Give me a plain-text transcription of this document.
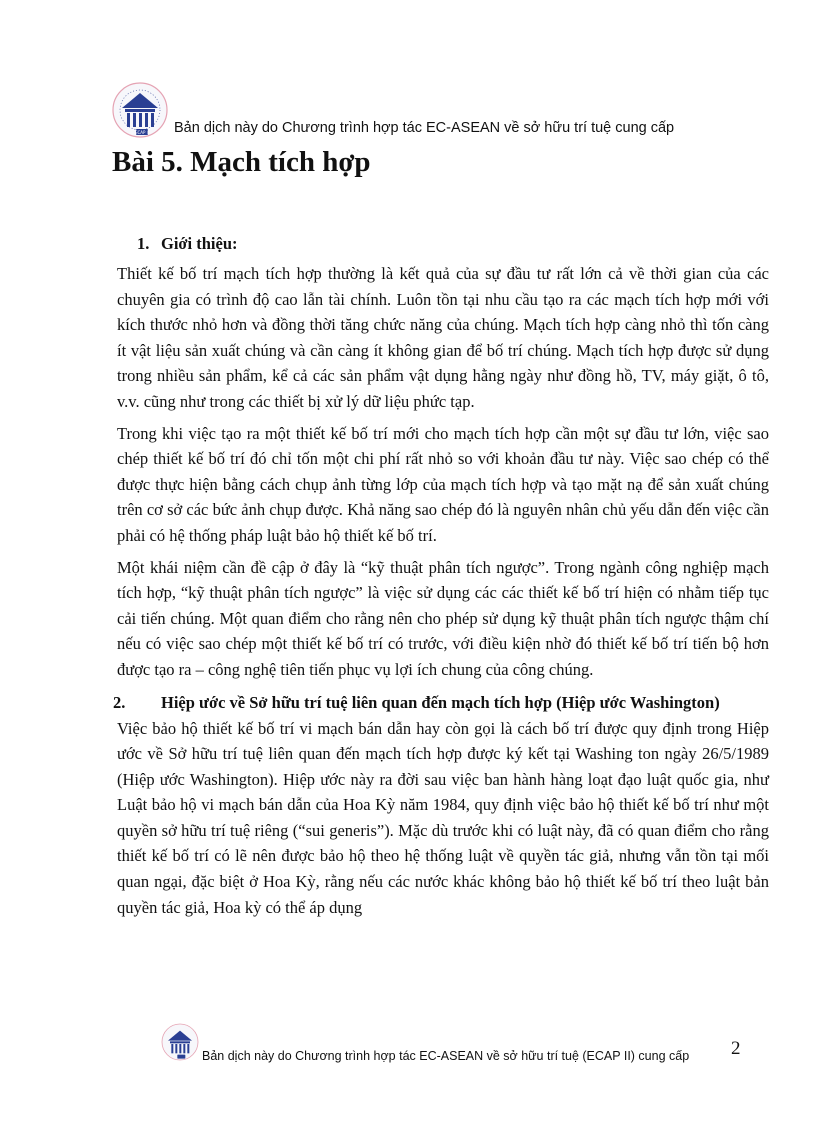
ECAP II Bản dịch này do Chương trình hợp tác EC-ASEAN về sở hữu trí tuệ cung cấp
Bài 5. Mạch tích hợp
1. Giới thiệu:

Thiết kế bố trí mạch tích hợp thường là kết quả của sự đầu tư rất lớn cả về thời gian của các chuyên gia có trình độ cao lẫn tài chính. Luôn tồn tại nhu cầu tạo ra các mạch tích hợp mới với kích thước nhỏ hơn và đồng thời tăng chức năng của chúng. Mạch tích hợp càng nhỏ thì tốn càng ít vật liệu sản xuất chúng và cần càng ít không gian để bố trí chúng. Mạch tích hợp được sử dụng trong nhiều sản phẩm, kể cả các sản phẩm vật dụng hằng ngày như đồng hồ, TV, máy giặt, ô tô, v.v. cũng như trong các thiết bị xử lý dữ liệu phức tạp.

Trong khi việc tạo ra một thiết kế bố trí mới cho mạch tích hợp cần một sự đầu tư lớn, việc sao chép thiết kế bố trí đó chỉ tốn một chi phí rất nhỏ so với khoản đầu tư này. Việc sao chép có thể được thực hiện bằng cách chụp ảnh từng lớp của mạch tích hợp và tạo mặt nạ để sản xuất chúng trên cơ sở các bức ảnh chụp được. Khả năng sao chép đó là nguyên nhân chủ yếu dẫn đến việc cần phải có hệ thống pháp luật bảo hộ thiết kế bố trí.

Một khái niệm cần đề cập ở đây là “kỹ thuật phân tích ngược”. Trong ngành công nghiệp mạch tích hợp, “kỹ thuật phân tích ngược” là việc sử dụng các các thiết kế bố trí hiện có nhằm tiếp tục cải tiến chúng. Một quan điểm cho rằng nên cho phép sử dụng kỹ thuật phân tích ngược thậm chí nếu có việc sao chép một thiết kế bố trí có trước, với điều kiện nhờ đó thiết kế bố trí tiến bộ hơn được tạo ra – công nghệ tiên tiến phục vụ lợi ích chung của công chúng.

2. Hiệp ước về Sở hữu trí tuệ liên quan đến mạch tích hợp (Hiệp ước Washington)

Việc bảo hộ thiết kế bố trí vi mạch bán dẫn hay còn gọi là cách bố trí được quy định trong Hiệp ước về Sở hữu trí tuệ liên quan đến mạch tích hợp được ký kết tại Washing ton ngày 26/5/1989 (Hiệp ước Washington). Hiệp ước này ra đời sau việc ban hành hàng loạt đạo luật quốc gia, như Luật bảo hộ vi mạch bán dẫn của Hoa Kỳ năm 1984, quy định việc bảo hộ thiết kế bố trí như một quyền sở hữu trí tuệ riêng (“sui generis”). Mặc dù trước khi có luật này, đã có quan điểm cho rằng thiết kế bố trí có lẽ nên được bảo hộ theo hệ thống luật về quyền tác giả, nhưng vẫn tồn tại mối quan ngại, đặc biệt ở Hoa Kỳ, rằng nếu các nước khác không bảo hộ thiết kế bố trí theo luật bản quyền tác giả, Hoa kỳ có thể áp dụng

Bản dịch này do Chương trình hợp tác EC-ASEAN về sở hữu trí tuệ (ECAP II) cung cấp 2
